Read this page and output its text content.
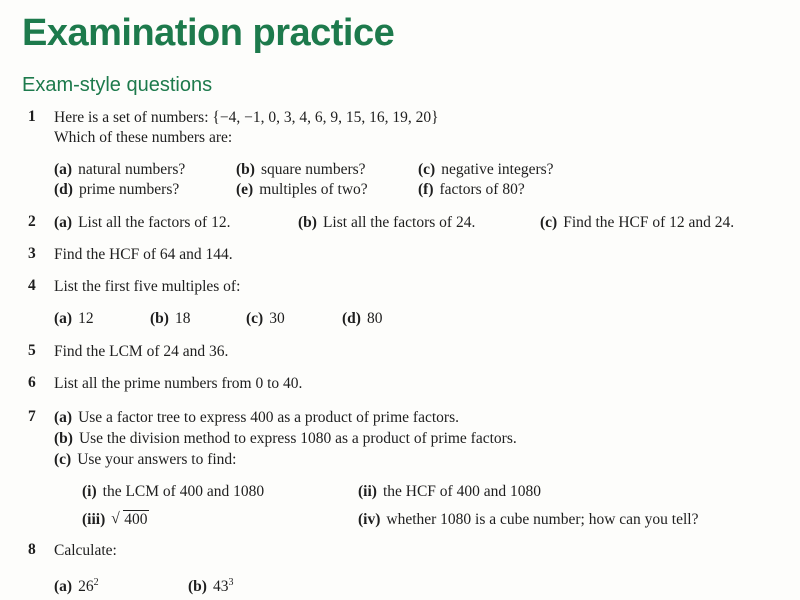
Examination practice
Exam-style questions
1 Here is a set of numbers: {−4, −1, 0, 3, 4, 6, 9, 15, 16, 19, 20}
Which of these numbers are:
(a) natural numbers?	(b) square numbers?	(c) negative integers?
(d) prime numbers?	(e) multiples of two?	(f) factors of 80?
2 (a) List all the factors of 12.	(b) List all the factors of 24.	(c) Find the HCF of 12 and 24.
3 Find the HCF of 64 and 144.
4 List the first five multiples of:
(a) 12	(b) 18	(c) 30	(d) 80
5 Find the LCM of 24 and 36.
6 List all the prime numbers from 0 to 40.
7 (a) Use a factor tree to express 400 as a product of prime factors.
(b) Use the division method to express 1080 as a product of prime factors.
(c) Use your answers to find:
(i) the LCM of 400 and 1080	(ii) the HCF of 400 and 1080
(iii) √ 400	(iv) whether 1080 is a cube number; how can you tell?
8 Calculate:
(a) $26^2$	(b) $43^3$
